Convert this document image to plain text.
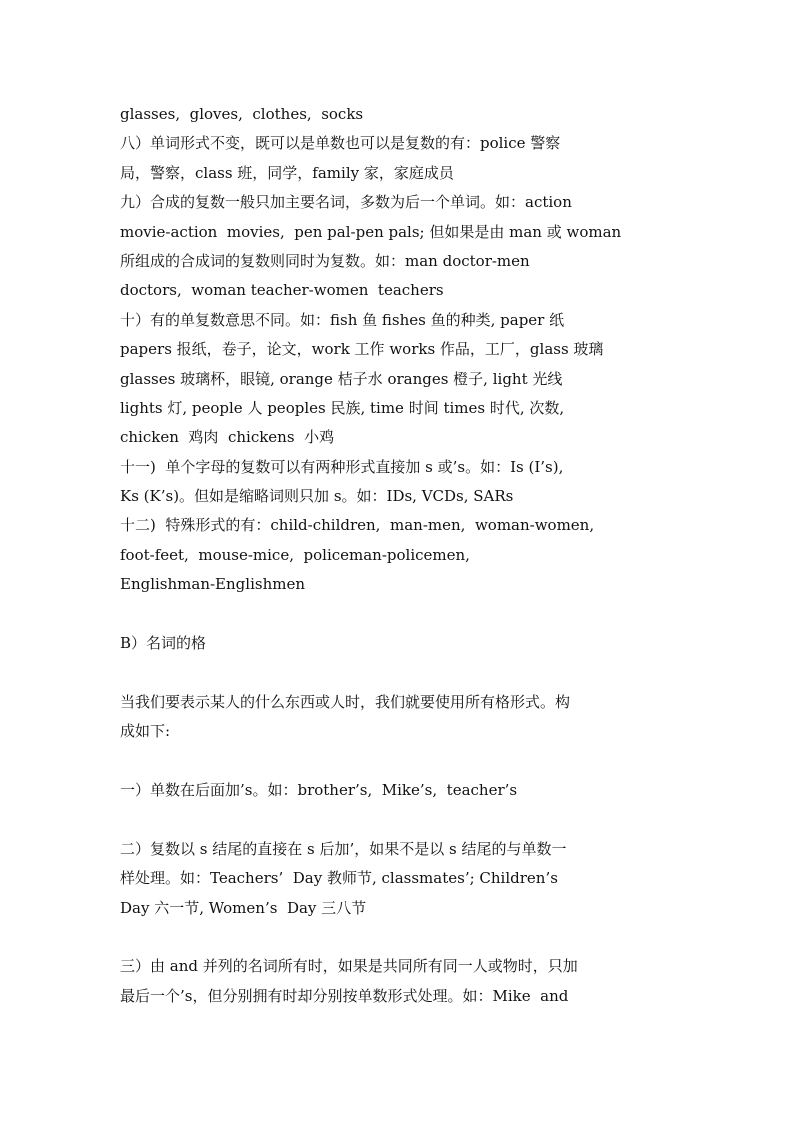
glasses,  gloves,  clothes,  socks
八）单词形式不变，既可以是单数也可以是复数的有：police 警察
局，警察，class 班，同学，family 家，家庭成员
九）合成的复数一般只加主要名词，多数为后一个单词。如：action
movie-action  movies,  pen pal-pen pals; 但如果是由 man 或 woman
所组成的合成词的复数则同时为复数。如：man doctor-men
doctors,  woman teacher-women  teachers
十）有的单复数意思不同。如：fish 鱼 fishes 鱼的种类, paper 纸
papers 报纸，卷子，论文，work 工作 works 作品，工厂，glass 玻璃
glasses 玻璃杯，眼镜, orange 桔子水 oranges 橙子, light 光线
lights 灯, people 人 peoples 民族, time 时间 times 时代, 次数,
chicken  鸡肉  chickens  小鸡
十一)  单个字母的复数可以有两种形式直接加 s 或’s。如：Is (I’s),
Ks (K’s)。但如是缩略词则只加 s。如：IDs, VCDs, SARs
十二)  特殊形式的有：child-children,  man-men,  woman-women,
foot-feet,  mouse-mice,  policeman-policemen,
Englishman-Englishmen
B）名词的格
当我们要表示某人的什么东西或人时，我们就要使用所有格形式。构
成如下:
一）单数在后面加’s。如：brother’s,  Mike’s,  teacher’s
二）复数以 s 结尾的直接在 s 后加’，如果不是以 s 结尾的与单数一
样处理。如：Teachers’  Day 教师节, classmates’; Children’s
Day 六一节, Women’s  Day 三八节
三）由 and 并列的名词所有时，如果是共同所有同一人或物时，只加
最后一个’s，但分别拥有时却分别按单数形式处理。如：Mike  and
